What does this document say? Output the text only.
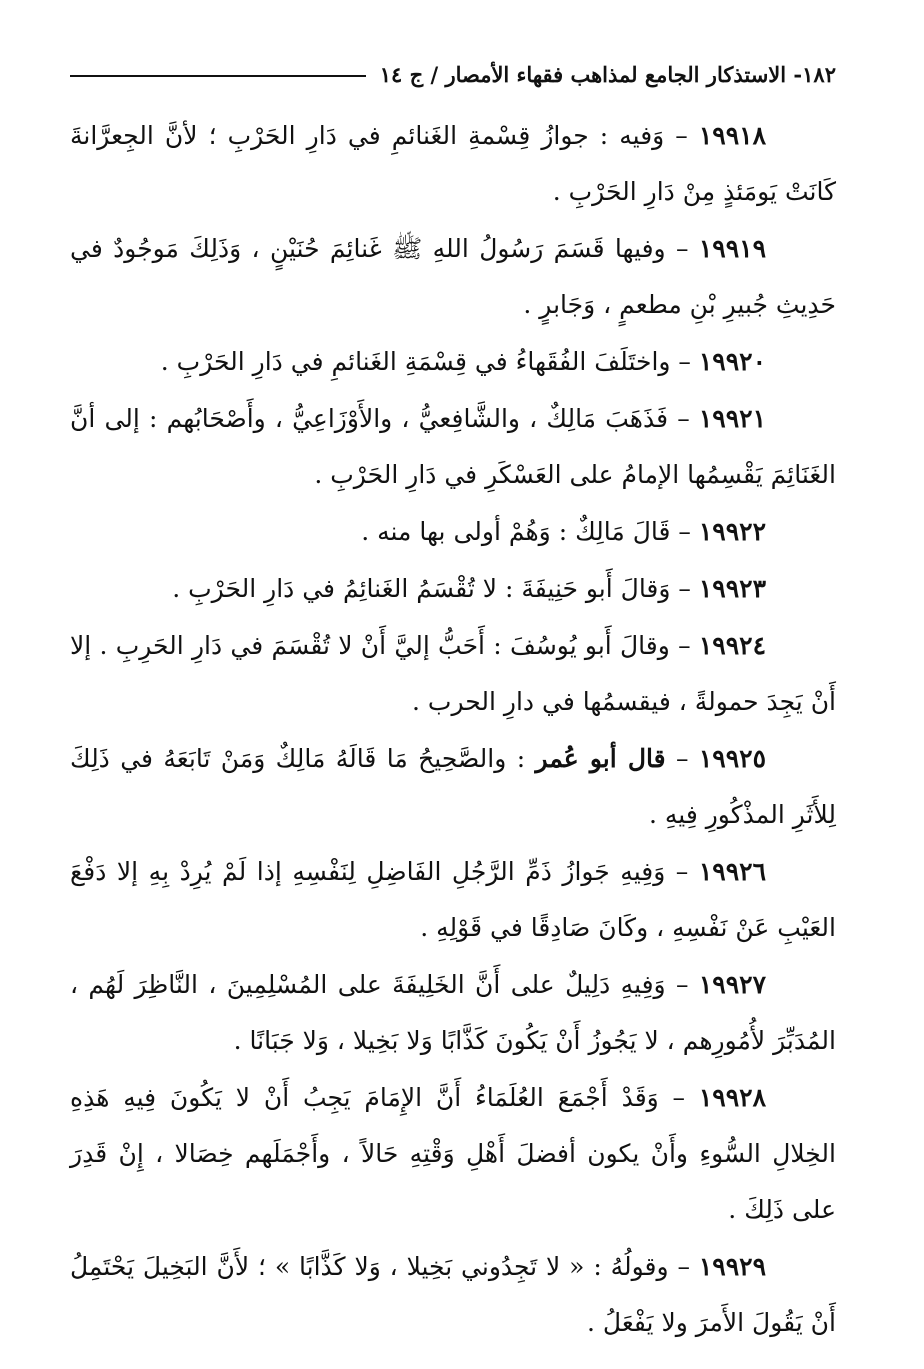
١٨٢- الاستذكار الجامع لمذاهب فقهاء الأمصار / ج ١٤

١٩٩١٨ – وَفيه : جوازُ قِسْمةِ الغَنائمِ في دَارِ الحَرْبِ ؛ لأنَّ الجِعرَّانةَ كَانَتْ يَومَئذٍ مِنْ دَارِ الحَرْبِ .

١٩٩١٩ – وفيها قَسَمَ رَسُولُ اللهِ ﷺ غَنائِمَ حُنَيْنٍ ، وَذَلِكَ مَوجُودٌ في حَدِيثِ جُبيرِ بْنِ مطعمٍ ، وَجَابرٍ .

١٩٩٢٠ – واختَلَفَ الفُقَهاءُ في قِسْمَةِ الغَنائمِ في دَارِ الحَرْبِ .

١٩٩٢١ – فَذَهَبَ مَالِكٌ ، والشَّافِعيُّ ، والأَوْزَاعِيُّ ، وأَصْحَابُهم : إلى أنَّ الغَنَائِمَ يَقْسِمُها الإمامُ على العَسْكَرِ في دَارِ الحَرْبِ .

١٩٩٢٢ – قَالَ مَالِكٌ : وَهُمْ أولى بها منه .

١٩٩٢٣ – وَقالَ أَبو حَنِيفَةَ : لا تُقْسَمُ الغَنائِمُ في دَارِ الحَرْبِ .

١٩٩٢٤ – وقالَ أَبو يُوسُفَ : أَحَبُّ إليَّ أَنْ لا تُقْسَمَ في دَارِ الحَرِبِ . إلا أَنْ يَجِدَ حمولةً ، فيقسمُها في دارِ الحرب .

١٩٩٢٥ – قال أبو عُمر : والصَّحِيحُ مَا قَالَهُ مَالِكٌ وَمَنْ تَابَعَهُ في ذَلِكَ لِلأَثَرِ المذْكُورِ فِيهِ .

١٩٩٢٦ – وَفِيهِ جَوازُ ذَمِّ الرَّجُلِ الفَاضِلِ لِنَفْسِهِ إذا لَمْ يُرِدْ بِهِ إلا دَفْعَ العَيْبِ عَنْ نَفْسِهِ ، وكَانَ صَادِقًا في قَوْلِهِ .

١٩٩٢٧ – وَفِيهِ دَلِيلٌ على أَنَّ الخَلِيفَةَ على المُسْلِمِينَ ، النَّاظِرَ لَهُم ، المُدَبِّرَ لأُمُورِهم ، لا يَجُوزُ أَنْ يَكُونَ كَذَّابًا وَلا بَخِيلا ، وَلا جَبَانًا .

١٩٩٢٨ – وَقَدْ أَجْمَعَ العُلَمَاءُ أَنَّ الإِمَامَ يَجِبُ أَنْ لا يَكُونَ فِيهِ هَذِهِ الخِلالِ السُّوءِ وأَنْ يكون أفضلَ أَهْلِ وَقْتِهِ حَالاً ، وأَجْمَلَهم خِصَالا ، إِنْ قَدِرَ على ذَلِكَ .

١٩٩٢٩ – وقولُهُ : « لا تَجِدُوني بَخِيلا ، وَلا كَذَّابًا » ؛ لأَنَّ البَخِيلَ يَحْتَمِلُ أَنْ يَقُولَ الأَمرَ ولا يَفْعَلُ .
